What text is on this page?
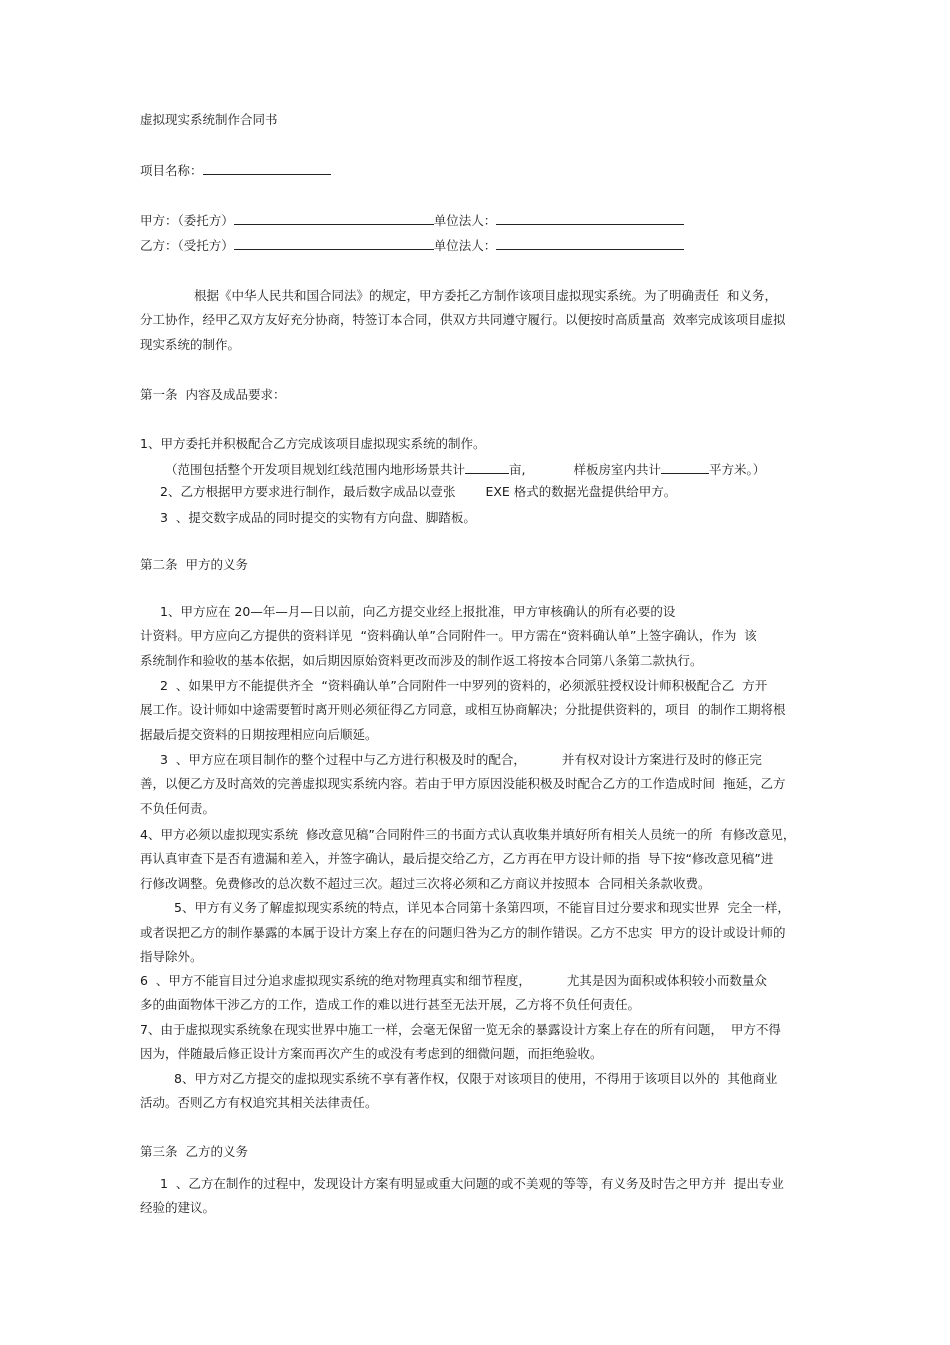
虚拟现实系统制作合同书
项目名称：
甲方：（委托方）	单位法人：
乙方：（受托方）	单位法人：
根据《中华人民共和国合同法》的规定，甲方委托乙方制作该项目虚拟现实系统。为了明确责任  和义务，
分工协作，经甲乙双方友好充分协商，特签订本合同，供双方共同遵守履行。以便按时高质量高  效率完成该项目虚拟
现实系统的制作。
第一条  内容及成品要求：
1、甲方委托并积极配合乙方完成该项目虚拟现实系统的制作。
（范围包括整个开发项目规划红线范围内地形场景共计	亩,	样板房室内共计	平方米。）
2、乙方根据甲方要求进行制作，最后数字成品以壹张 EXE 格式的数据光盘提供给甲方。
3  、提交数字成品的同时提交的实物有方向盘、脚踏板。
第二条  甲方的义务
1、甲方应在 20—年—月—日以前，向乙方提交业经上报批准，甲方审核确认的所有必要的设
计资料。甲方应向乙方提供的资料详见  “资料确认单”合同附件一。甲方需在“资料确认单”上签字确认，作为  该
系统制作和验收的基本依据，如后期因原始资料更改而涉及的制作返工将按本合同第八条第二款执行。
2  、如果甲方不能提供齐全  “资料确认单”合同附件一中罗列的资料的，必须派驻授权设计师积极配合乙  方开
展工作。设计师如中途需要暂时离开则必须征得乙方同意，或相互协商解决；分批提供资料的，项目  的制作工期将根
据最后提交资料的日期按理相应向后顺延。
3  、甲方应在项目制作的整个过程中与乙方进行积极及时的配合，	并有权对设计方案进行及时的修正完
善，以便乙方及时高效的完善虚拟现实系统内容。若由于甲方原因没能积极及时配合乙方的工作造成时间  拖延，乙方
不负任何责。
4、甲方必须以虚拟现实系统  修改意见稿”合同附件三的书面方式认真收集并填好所有相关人员统一的所  有修改意见，
再认真审查下是否有遗漏和差入，并签字确认，最后提交给乙方，乙方再在甲方设计师的指  导下按“修改意见稿”进
行修改调整。免费修改的总次数不超过三次。超过三次将必须和乙方商议并按照本  合同相关条款收费。
5、甲方有义务了解虚拟现实系统的特点，详见本合同第十条第四项，不能盲目过分要求和现实世界  完全一样，
或者误把乙方的制作暴露的本属于设计方案上存在的问题归咎为乙方的制作错误。乙方不忠实  甲方的设计或设计师的
指导除外。
6  、甲方不能盲目过分追求虚拟现实系统的绝对物理真实和细节程度，	尤其是因为面积或体积较小而数量众
多的曲面物体干涉乙方的工作，造成工作的难以进行甚至无法开展，乙方将不负任何责任。
7、由于虚拟现实系统象在现实世界中施工一样，会毫无保留一览无余的暴露设计方案上存在的所有问题，  甲方不得
因为，伴随最后修正设计方案而再次产生的或没有考虑到的细微问题，而拒绝验收。
8、甲方对乙方提交的虚拟现实系统不享有著作权，仅限于对该项目的使用，不得用于该项目以外的  其他商业
活动。否则乙方有权追究其相关法律责任。
第三条  乙方的义务
1  、乙方在制作的过程中，发现设计方案有明显或重大问题的或不美观的等等，有义务及时告之甲方并  提出专业
经验的建议。
